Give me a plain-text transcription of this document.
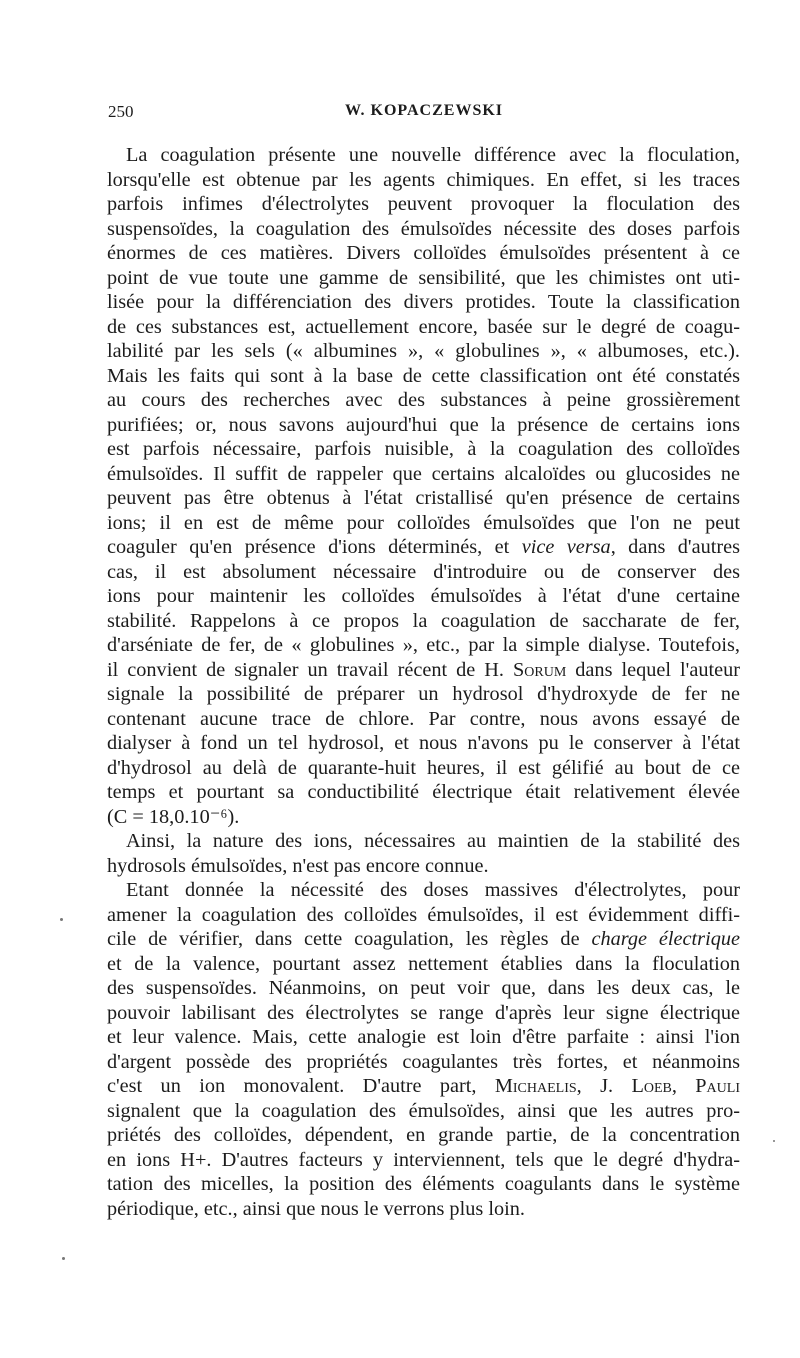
250	W. KOPACZEWSKI
La coagulation présente une nouvelle différence avec la floculation,
lorsqu'elle est obtenue par les agents chimiques. En effet, si les traces
parfois infimes d'électrolytes peuvent provoquer la floculation des
suspensoïdes, la coagulation des émulsoïdes nécessite des doses parfois
énormes de ces matières. Divers colloïdes émulsoïdes présentent à ce
point de vue toute une gamme de sensibilité, que les chimistes ont uti-
lisée pour la différenciation des divers protides. Toute la classification
de ces substances est, actuellement encore, basée sur le degré de coagu-
labilité par les sels (« albumines », « globulines », « albumoses, etc.).
Mais les faits qui sont à la base de cette classification ont été constatés
au cours des recherches avec des substances à peine grossièrement
purifiées; or, nous savons aujourd'hui que la présence de certains ions
est parfois nécessaire, parfois nuisible, à la coagulation des colloïdes
émulsoïdes. Il suffit de rappeler que certains alcaloïdes ou glucosides ne
peuvent pas être obtenus à l'état cristallisé qu'en présence de certains
ions; il en est de même pour colloïdes émulsoïdes que l'on ne peut
coaguler qu'en présence d'ions déterminés, et vice versa, dans d'autres
cas, il est absolument nécessaire d'introduire ou de conserver des
ions pour maintenir les colloïdes émulsoïdes à l'état d'une certaine
stabilité. Rappelons à ce propos la coagulation de saccharate de fer,
d'arséniate de fer, de « globulines », etc., par la simple dialyse. Toutefois,
il convient de signaler un travail récent de H. Sorum dans lequel l'auteur
signale la possibilité de préparer un hydrosol d'hydroxyde de fer ne
contenant aucune trace de chlore. Par contre, nous avons essayé de
dialyser à fond un tel hydrosol, et nous n'avons pu le conserver à l'état
d'hydrosol au delà de quarante-huit heures, il est gélifié au bout de ce
temps et pourtant sa conductibilité électrique était relativement élevée
(C = 18,0.10⁻⁶).
Ainsi, la nature des ions, nécessaires au maintien de la stabilité des
hydrosols émulsoïdes, n'est pas encore connue.
Etant donnée la nécessité des doses massives d'électrolytes, pour
amener la coagulation des colloïdes émulsoïdes, il est évidemment diffi-
cile de vérifier, dans cette coagulation, les règles de charge électrique
et de la valence, pourtant assez nettement établies dans la floculation
des suspensoïdes. Néanmoins, on peut voir que, dans les deux cas, le
pouvoir labilisant des électrolytes se range d'après leur signe électrique
et leur valence. Mais, cette analogie est loin d'être parfaite : ainsi l'ion
d'argent possède des propriétés coagulantes très fortes, et néanmoins
c'est un ion monovalent. D'autre part, Michaelis, J. Loeb, Pauli
signalent que la coagulation des émulsoïdes, ainsi que les autres pro-
priétés des colloïdes, dépendent, en grande partie, de la concentration
en ions H+. D'autres facteurs y interviennent, tels que le degré d'hydra-
tation des micelles, la position des éléments coagulants dans le système
périodique, etc., ainsi que nous le verrons plus loin.
